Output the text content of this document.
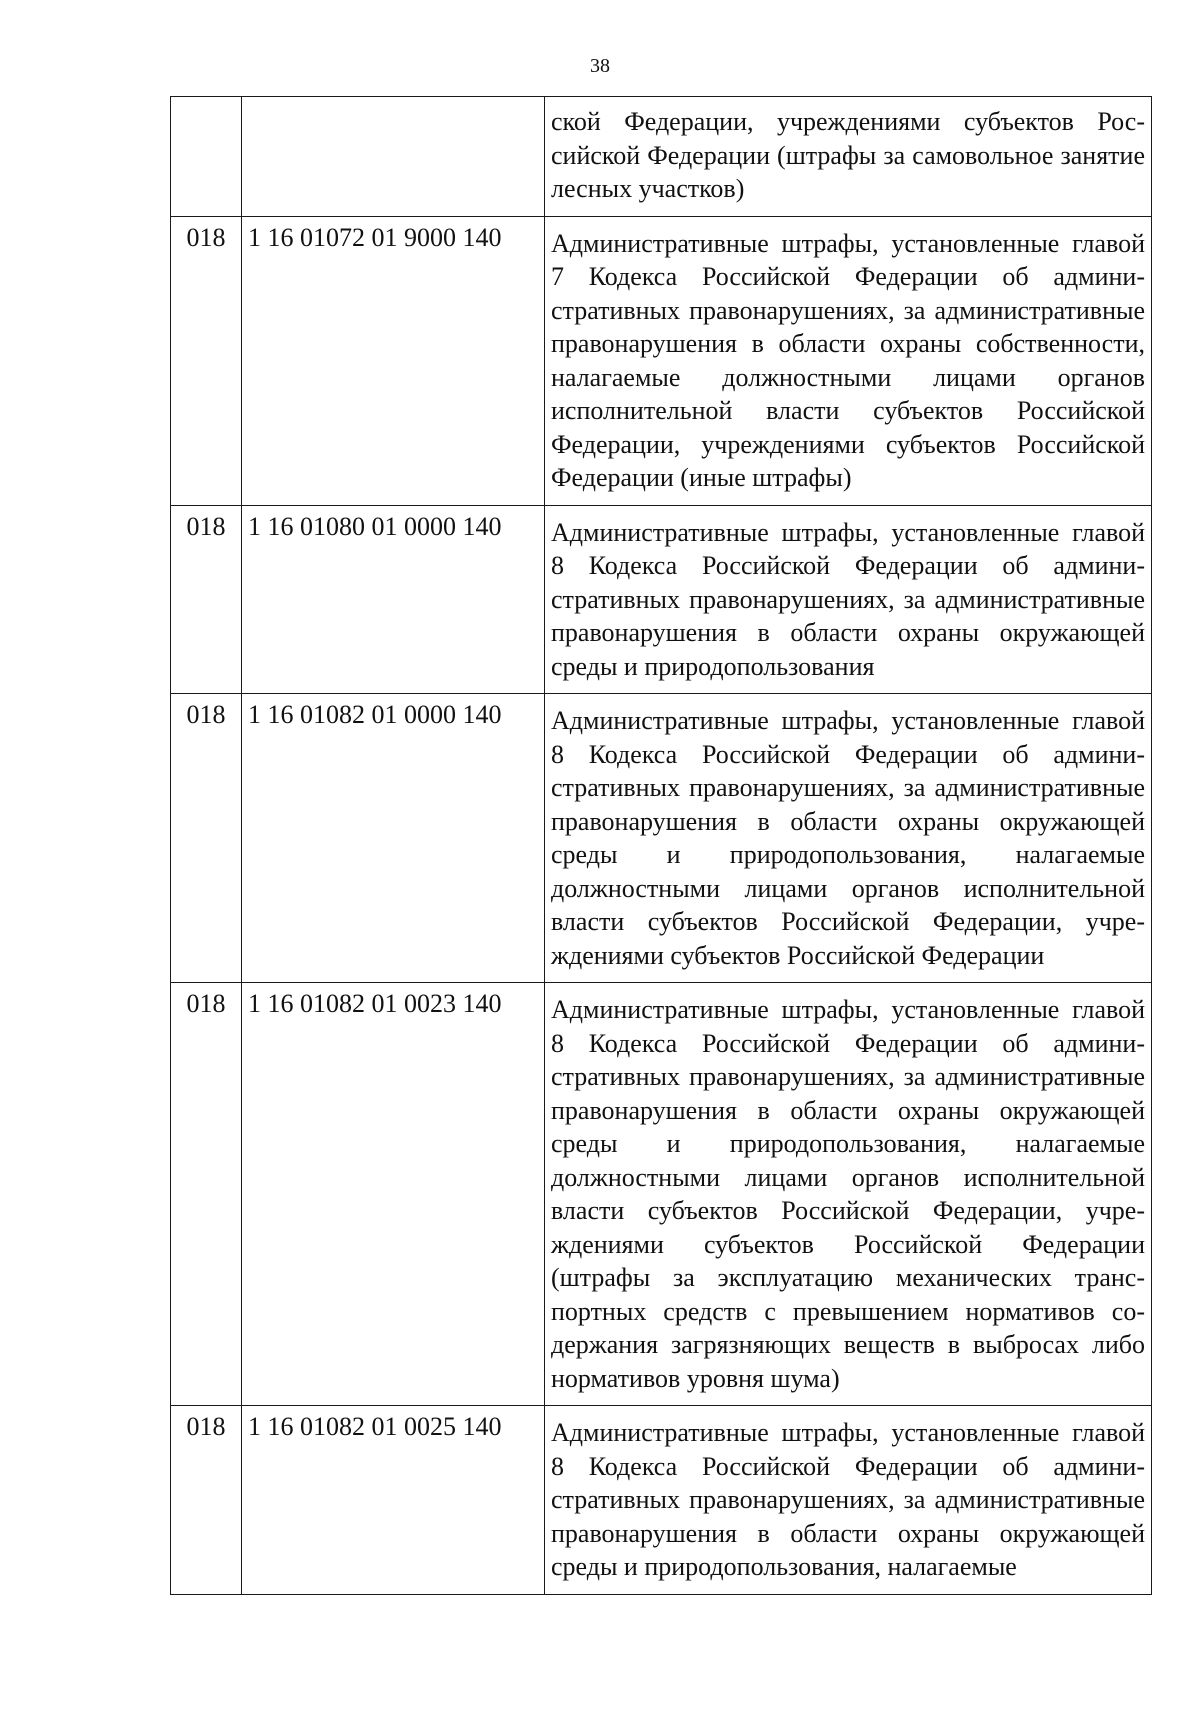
38
		ской Федерации, учреждениями субъектов Российской Федерации (штрафы за самовольное занятие лесных участков)
018	1 16 01072 01 9000 140	Административные штрафы, установленные главой 7 Кодекса Российской Федерации об административных правонарушениях, за административные правонарушения в области охраны собственности, налагаемые должностными лицами органов исполнительной власти субъектов Российской Федерации, учреждениями субъектов Российской Федерации (иные штрафы)
018	1 16 01080 01 0000 140	Административные штрафы, установленные главой 8 Кодекса Российской Федерации об административных правонарушениях, за административные правонарушения в области охраны окружающей среды и природопользования
018	1 16 01082 01 0000 140	Административные штрафы, установленные главой 8 Кодекса Российской Федерации об административных правонарушениях, за административные правонарушения в области охраны окружающей среды и природопользования, налагаемые должностными лицами органов исполнительной власти субъектов Российской Федерации, учреждениями субъектов Российской Федерации
018	1 16 01082 01 0023 140	Административные штрафы, установленные главой 8 Кодекса Российской Федерации об административных правонарушениях, за административные правонарушения в области охраны окружающей среды и природопользования, налагаемые должностными лицами органов исполнительной власти субъектов Российской Федерации, учреждениями субъектов Российской Федерации (штрафы за эксплуатацию механических транспортных средств с превышением нормативов содержания загрязняющих веществ в выбросах либо нормативов уровня шума)
018	1 16 01082 01 0025 140	Административные штрафы, установленные главой 8 Кодекса Российской Федерации об административных правонарушениях, за административные правонарушения в области охраны окружающей среды и природопользования, налагаемые
